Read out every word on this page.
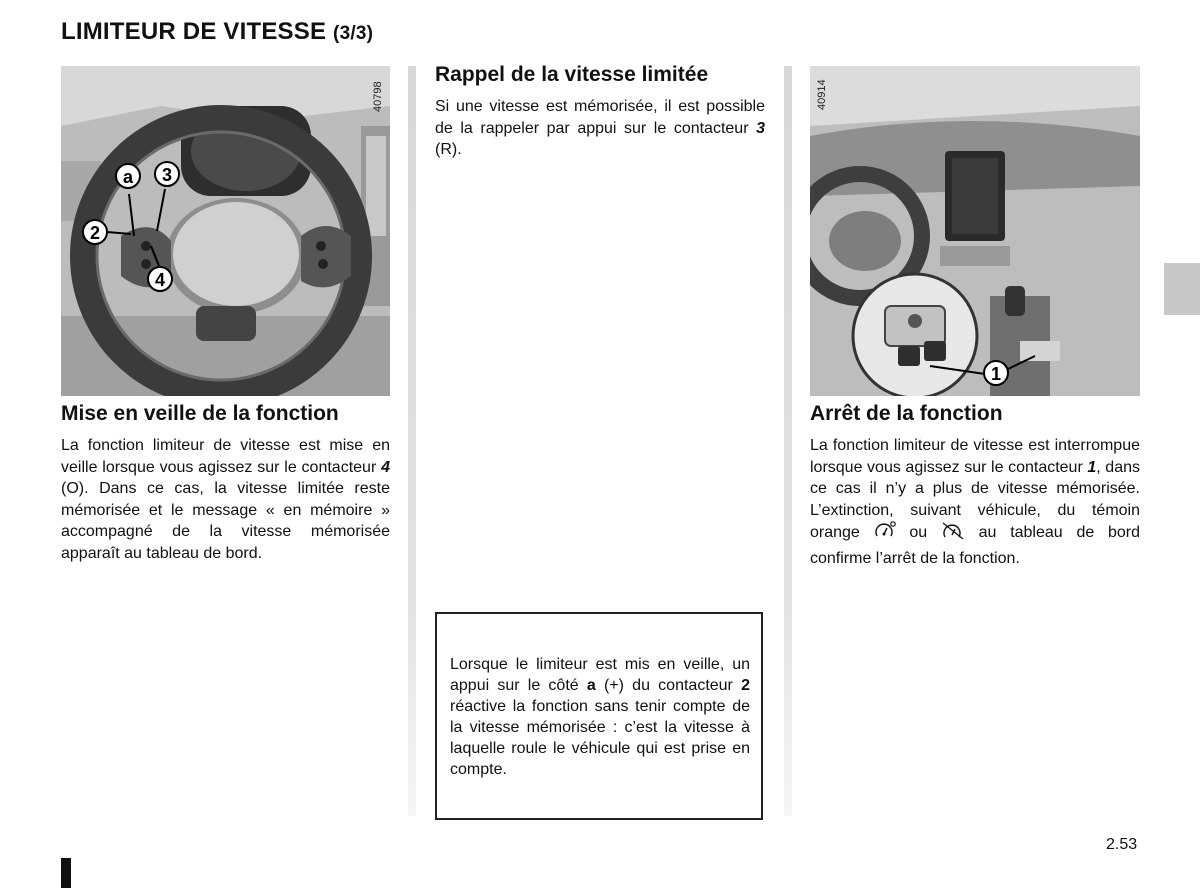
LIMITEUR DE VITESSE (3/3)
a 3
2
4
40798
1
40914
Mise en veille de la fonction

La fonction limiteur de vitesse est mise en veille lorsque vous agissez sur le contacteur 4 (O). Dans ce cas, la vitesse limitée reste mémorisée et le message « en mémoire » accompagné de la vitesse mémorisée apparaît au tableau de bord.

Rappel de la vitesse limitée

Si une vitesse est mémorisée, il est possible de la rappeler par appui sur le contacteur 3 (R).

Lorsque le limiteur est mis en veille, un appui sur le côté a (+) du contacteur 2 réactive la fonction sans tenir compte de la vitesse mémorisée : c’est la vitesse à laquelle roule le véhicule qui est prise en compte.

Arrêt de la fonction

La fonction limiteur de vitesse est interrompue lorsque vous agissez sur le contacteur 1, dans ce cas il n’y a plus de vitesse mémorisée. L’extinction, suivant véhicule, du témoin orange  ou  au tableau de bord confirme l’arrêt de la fonction.

2.53
